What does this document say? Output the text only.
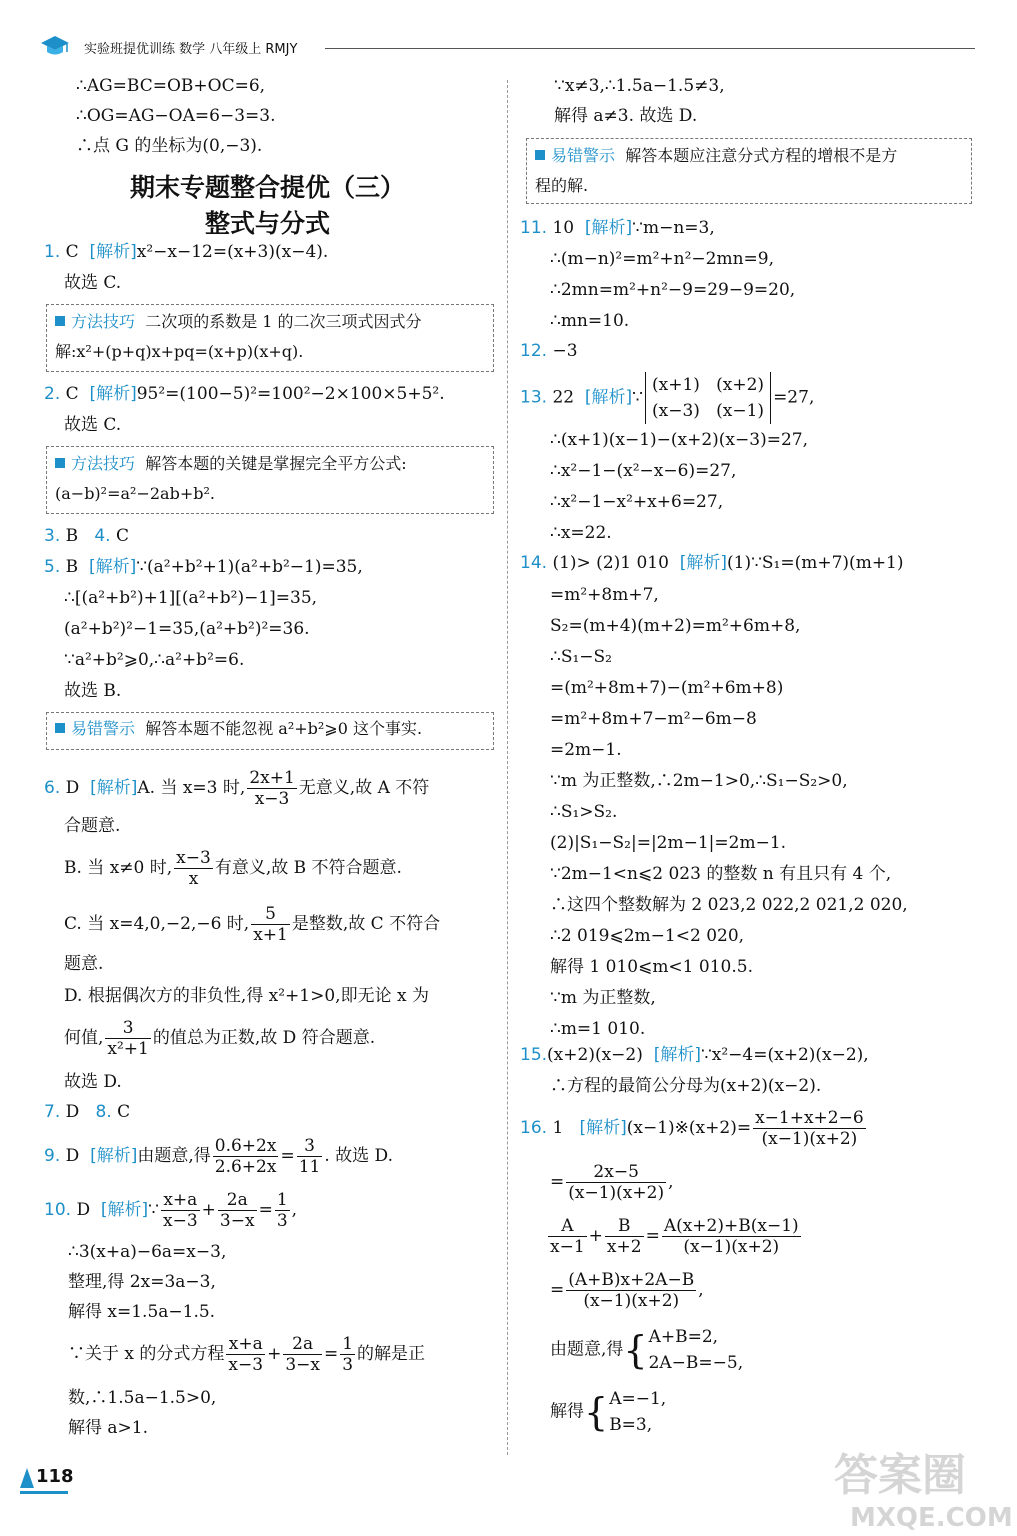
实验班提优训练 数学 八年级上 RMJY
∴AG=BC=OB+OC=6,
∴OG=AG−OA=6−3=3.
∴点 G 的坐标为(0,−3).
期末专题整合提优（三）
整式与分式
1. C [解析]x²−x−12=(x+3)(x−4).
故选 C.
方法技巧 二次项的系数是 1 的二次三项式因式分
解:x²+(p+q)x+pq=(x+p)(x+q).
2. C [解析]95²=(100−5)²=100²−2×100×5+5².
故选 C.
方法技巧 解答本题的关键是掌握完全平方公式:
(a−b)²=a²−2ab+b².
3. B 4. C
5. B [解析]∵(a²+b²+1)(a²+b²−1)=35,
∴[(a²+b²)+1][(a²+b²)−1]=35,
(a²+b²)²−1=35,(a²+b²)²=36.
∵a²+b²⩾0,∴a²+b²=6.
故选 B.
易错警示 解答本题不能忽视 a²+b²⩾0 这个事实.
6. D [解析]A. 当 x=3 时, $\frac{2x+1}{x-3}$ 无意义,故 A 不符
合题意.
B. 当 x≠0 时, $\frac{x-3}{x}$ 有意义,故 B 不符合题意.
C. 当 x=4,0,−2,−6 时, $\frac{5}{x+1}$ 是整数,故 C 不符合
题意.
D. 根据偶次方的非负性,得 x²+1>0,即无论 x 为
何值, $\frac{3}{\text{x²+1}}$ 的值总为正数,故 D 符合题意.
故选 D.
7. D 8. C
9. D [解析]由题意,得 $\frac{0.6+2x}{2.6+2x} = \frac{3}{11}$ . 故选 D.
10. D [解析]∵ $\frac{x+a}{x-3} + \frac{2a}{3-x} = \frac{1}{3}$ ,
∴3(x+a)−6a=x−3,
整理,得 2x=3a−3,
解得 x=1.5a−1.5.
∵关于 x 的分式方程 $\frac{x+a}{x-3} + \frac{2a}{3-x} = \frac{1}{3}$ 的解是正
数,∴1.5a−1.5>0,
解得 a>1.
∵x≠3,∴1.5a−1.5≠3,
解得 a≠3. 故选 D.
易错警示 解答本题应注意分式方程的增根不是方
程的解.
11. 10 [解析]∵m−n=3,
∴(m−n)²=m²+n²−2mn=9,
∴2mn=m²+n²−9=29−9=20,
∴mn=10.
12. −3
13. 22 [解析]∵
(x+1) (x+2)
(x−3) (x−1)
=27,
∴(x+1)(x−1)−(x+2)(x−3)=27,
∴x²−1−(x²−x−6)=27,
∴x²−1−x²+x+6=27,
∴x=22.
14. (1)> (2)1 010 [解析](1)∵S₁=(m+7)(m+1)
=m²+8m+7,
S₂=(m+4)(m+2)=m²+6m+8,
∴S₁−S₂
=(m²+8m+7)−(m²+6m+8)
=m²+8m+7−m²−6m−8
=2m−1.
∵m 为正整数,∴2m−1>0,∴S₁−S₂>0,
∴S₁>S₂.
(2)|S₁−S₂|=|2m−1|=2m−1.
∵2m−1<n⩽2 023 的整数 n 有且只有 4 个,
∴这四个整数解为 2 023,2 022,2 021,2 020,
∴2 019⩽2m−1<2 020,
解得 1 010⩽m<1 010.5.
∵m 为正整数,
∴m=1 010.
15.(x+2)(x−2) [解析]∵x²−4=(x+2)(x−2),
∴方程的最简公分母为(x+2)(x−2).
16. 1 [解析](x−1)※(x+2)= $\frac{x-1+x+2-6}{(x-1)(x+2)}$
= $\frac{2x-5}{(x-1)(x+2)}$ ,
$\frac{A}{x-1} + \frac{B}{x+2} = \frac{A(x+2)+B(x-1)}{(x-1)(x+2)}$
= $\frac{(A+B)x+2A-B}{(x-1)(x+2)}$ ,
由题意,得{ A+B=2,
2A−B=−5,
解得{ A=−1,
B=3,
118	答案圈
MXQE.COM
